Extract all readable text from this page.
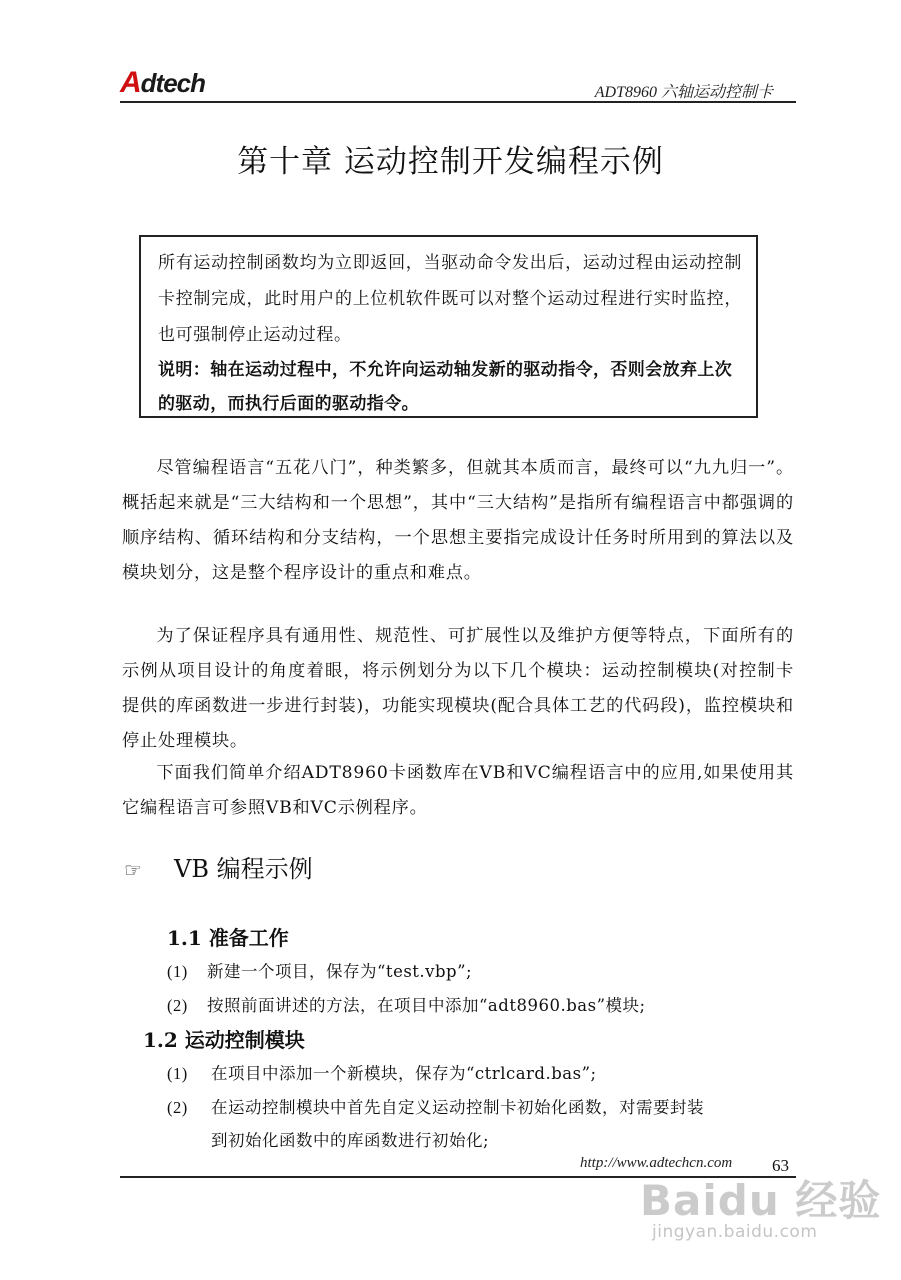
Adtech	ADT8960 六轴运动控制卡
第十章 运动控制开发编程示例
所有运动控制函数均为立即返回，当驱动命令发出后，运动过程由运动控制卡控制完成，此时用户的上位机软件既可以对整个运动过程进行实时监控，也可强制停止运动过程。
说明：轴在运动过程中，不允许向运动轴发新的驱动指令，否则会放弃上次的驱动，而执行后面的驱动指令。

尽管编程语言“五花八门”，种类繁多，但就其本质而言，最终可以“九九归一”。概括起来就是“三大结构和一个思想”，其中“三大结构”是指所有编程语言中都强调的顺序结构、循环结构和分支结构，一个思想主要指完成设计任务时所用到的算法以及模块划分，这是整个程序设计的重点和难点。

为了保证程序具有通用性、规范性、可扩展性以及维护方便等特点，下面所有的示例从项目设计的角度着眼，将示例划分为以下几个模块：运动控制模块(对控制卡提供的库函数进一步进行封装)，功能实现模块(配合具体工艺的代码段)，监控模块和停止处理模块。

下面我们简单介绍ADT8960卡函数库在VB和VC编程语言中的应用,如果使用其它编程语言可参照VB和VC示例程序。

☞ VB 编程示例
1.1 准备工作
(1) 新建一个项目，保存为“test.vbp”;
(2) 按照前面讲述的方法，在项目中添加“adt8960.bas”模块;
1.2 运动控制模块
(1) 在项目中添加一个新模块，保存为“ctrlcard.bas”;
(2) 在运动控制模块中首先自定义运动控制卡初始化函数，对需要封装
到初始化函数中的库函数进行初始化;
http://www.adtechcn.com 63
Baidu 经验
jingyan.baidu.com
